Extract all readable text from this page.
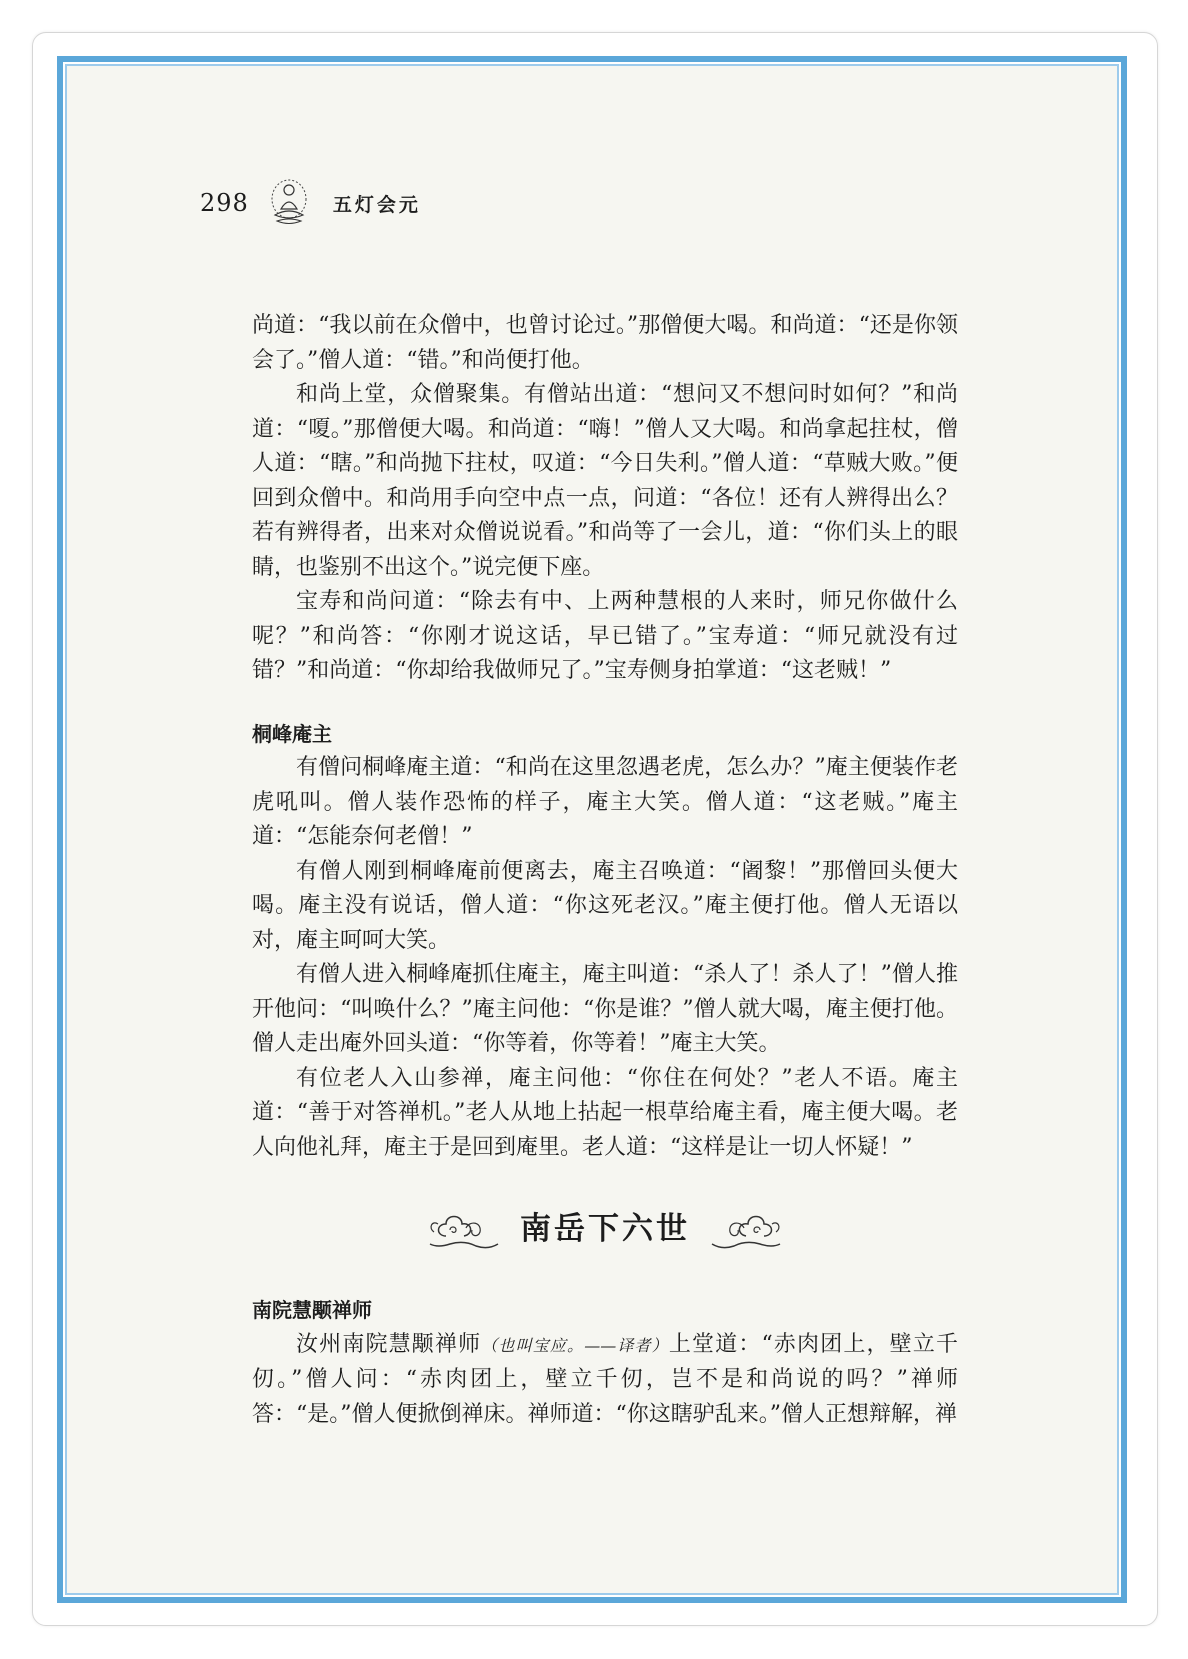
298	五灯会元

尚道：“我以前在众僧中，也曾讨论过。”那僧便大喝。和尚道：“还是你领会了。”僧人道：“错。”和尚便打他。

和尚上堂，众僧聚集。有僧站出道：“想问又不想问时如何？”和尚道：“嗄。”那僧便大喝。和尚道：“嗨！”僧人又大喝。和尚拿起拄杖，僧人道：“瞎。”和尚抛下拄杖，叹道：“今日失利。”僧人道：“草贼大败。”便回到众僧中。和尚用手向空中点一点，问道：“各位！还有人辨得出么？若有辨得者，出来对众僧说说看。”和尚等了一会儿，道：“你们头上的眼睛，也鉴别不出这个。”说完便下座。

宝寿和尚问道：“除去有中、上两种慧根的人来时，师兄你做什么呢？”和尚答：“你刚才说这话，早已错了。”宝寿道：“师兄就没有过错？”和尚道：“你却给我做师兄了。”宝寿侧身拍掌道：“这老贼！”

桐峰庵主

有僧问桐峰庵主道：“和尚在这里忽遇老虎，怎么办？”庵主便装作老虎吼叫。僧人装作恐怖的样子，庵主大笑。僧人道：“这老贼。”庵主道：“怎能奈何老僧！”

有僧人刚到桐峰庵前便离去，庵主召唤道：“阇黎！”那僧回头便大喝。庵主没有说话，僧人道：“你这死老汉。”庵主便打他。僧人无语以对，庵主呵呵大笑。

有僧人进入桐峰庵抓住庵主，庵主叫道：“杀人了！杀人了！”僧人推开他问：“叫唤什么？”庵主问他：“你是谁？”僧人就大喝，庵主便打他。僧人走出庵外回头道：“你等着，你等着！”庵主大笑。

有位老人入山参禅，庵主问他：“你住在何处？”老人不语。庵主道：“善于对答禅机。”老人从地上拈起一根草给庵主看，庵主便大喝。老人向他礼拜，庵主于是回到庵里。老人道：“这样是让一切人怀疑！”

南岳下六世

南院慧颙禅师

汝州南院慧颙禅师（也叫宝应。——译者）上堂道：“赤肉团上，壁立千仞。”僧人问：“赤肉团上，壁立千仞，岂不是和尚说的吗？”禅师答：“是。”僧人便掀倒禅床。禅师道：“你这瞎驴乱来。”僧人正想辩解，禅
